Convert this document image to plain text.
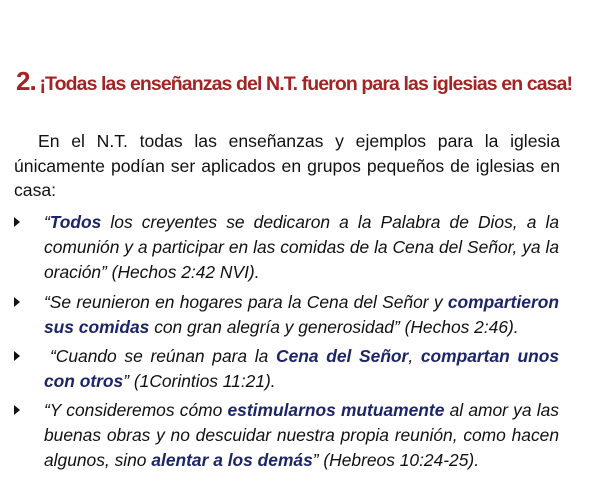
2. ¡Todas las enseñanzas del N.T. fueron para las iglesias en casa!
En el N.T. todas las enseñanzas y ejemplos para la iglesia únicamente podían ser aplicados en grupos pequeños de iglesias en casa:
“Todos los creyentes se dedicaron a la Palabra de Dios, a la comunión y a participar en las comidas de la Cena del Señor, ya la oración” (Hechos 2:42 NVI).
“Se reunieron en hogares para la Cena del Señor y compartieron sus comidas con gran alegría y generosidad” (Hechos 2:46).
“Cuando se reúnan para la Cena del Señor, compartan unos con otros” (1Corintios 11:21).
“Y consideremos cómo estimularnos mutuamente al amor ya las buenas obras y no descuidar nuestra propia reunión, como hacen algunos, sino alentar a los demás” (Hebreos 10:24-25).
